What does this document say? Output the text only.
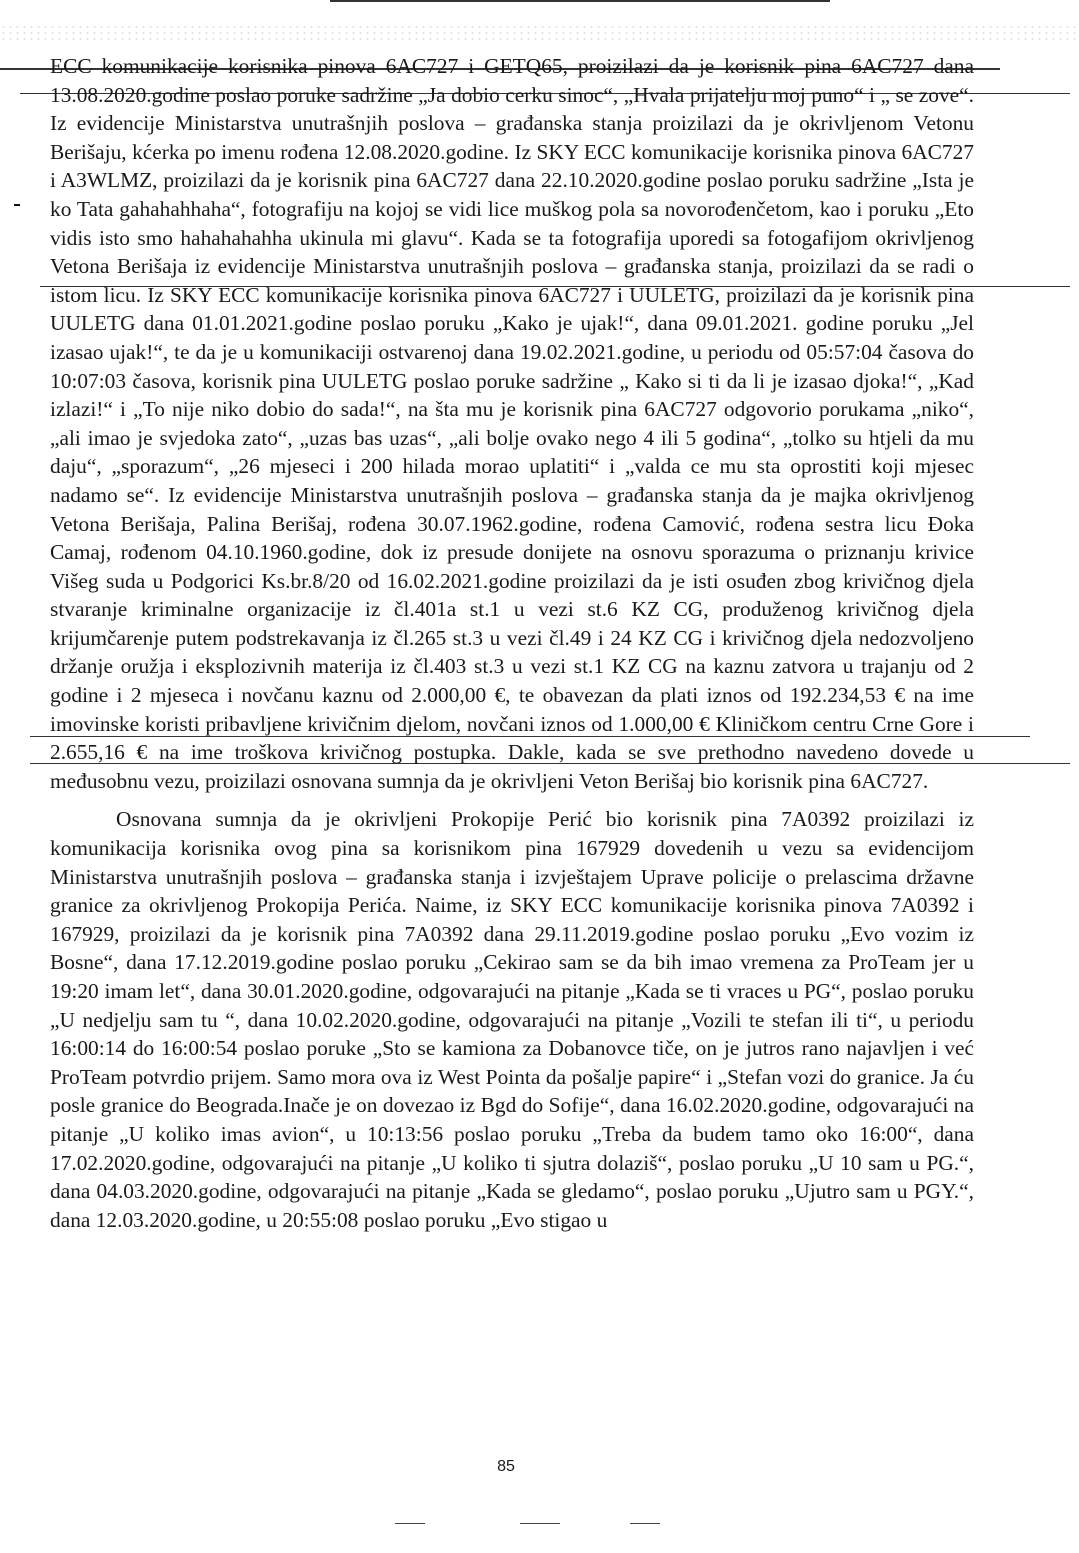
ECC komunikacije korisnika pinova 6AC727 i GETQ65, proizilazi da je korisnik pina 6AC727 dana 13.08.2020.godine poslao poruke sadržine „Ja dobio cerku sinoc“, „Hvala prijatelju moj puno“ i „ se zove“. Iz evidencije Ministarstva unutrašnjih poslova – građanska stanja proizilazi da je okrivljenom Vetonu Berišaju, kćerka po imenu rođena 12.08.2020.godine. Iz SKY ECC komunikacije korisnika pinova 6AC727 i A3WLMZ, proizilazi da je korisnik pina 6AC727 dana 22.10.2020.godine poslao poruku sadržine „Ista je ko Tata gahahahhaha“, fotografiju na kojoj se vidi lice muškog pola sa novorođenčetom, kao i poruku „Eto vidis isto smo hahahahahha ukinula mi glavu“. Kada se ta fotografija uporedi sa fotogafijom okrivljenog Vetona Berišaja iz evidencije Ministarstva unutrašnjih poslova – građanska stanja, proizilazi da se radi o istom licu. Iz SKY ECC komunikacije korisnika pinova 6AC727 i UULETG, proizilazi da je korisnik pina UULETG dana 01.01.2021.godine poslao poruku „Kako je ujak!“, dana 09.01.2021. godine poruku „Jel izasao ujak!“, te da je u komunikaciji ostvarenoj dana 19.02.2021.godine, u periodu od 05:57:04 časova do 10:07:03 časova, korisnik pina UULETG poslao poruke sadržine „ Kako si ti da li je izasao djoka!“, „Kad izlazi!“ i „To nije niko dobio do sada!“, na šta mu je korisnik pina 6AC727 odgovorio porukama „niko“, „ali imao je svjedoka zato“, „uzas bas uzas“, „ali bolje ovako nego 4 ili 5 godina“, „tolko su htjeli da mu daju“, „sporazum“, „26 mjeseci i 200 hilada morao uplatiti“ i „valda ce mu sta oprostiti koji mjesec nadamo se“. Iz evidencije Ministarstva unutrašnjih poslova – građanska stanja da je majka okrivljenog Vetona Berišaja, Palina Berišaj, rođena 30.07.1962.godine, rođena Camović, rođena sestra licu Đoka Camaj, rođenom 04.10.1960.godine, dok iz presude donijete na osnovu sporazuma o priznanju krivice Višeg suda u Podgorici Ks.br.8/20 od 16.02.2021.godine proizilazi da je isti osuđen zbog krivičnog djela stvaranje kriminalne organizacije iz čl.401a st.1 u vezi st.6 KZ CG, produženog krivičnog djela krijumčarenje putem podstrekavanja iz čl.265 st.3 u vezi čl.49 i 24 KZ CG i krivičnog djela nedozvoljeno držanje oružja i eksplozivnih materija iz čl.403 st.3 u vezi st.1 KZ CG na kaznu zatvora u trajanju od 2 godine i 2 mjeseca i novčanu kaznu od 2.000,00 €, te obavezan da plati iznos od 192.234,53 € na ime imovinske koristi pribavljene krivičnim djelom, novčani iznos od 1.000,00 € Kliničkom centru Crne Gore i 2.655,16 € na ime troškova krivičnog postupka. Dakle, kada se sve prethodno navedeno dovede u međusobnu vezu, proizilazi osnovana sumnja da je okrivljeni Veton Berišaj bio korisnik pina 6AC727.

Osnovana sumnja da je okrivljeni Prokopije Perić bio korisnik pina 7A0392 proizilazi iz komunikacija korisnika ovog pina sa korisnikom pina 167929 dovedenih u vezu sa evidencijom Ministarstva unutrašnjih poslova – građanska stanja i izvještajem Uprave policije o prelascima državne granice za okrivljenog Prokopija Perića. Naime, iz SKY ECC komunikacije korisnika pinova 7A0392 i 167929, proizilazi da je korisnik pina 7A0392 dana 29.11.2019.godine poslao poruku „Evo vozim iz Bosne“, dana 17.12.2019.godine poslao poruku „Cekirao sam se da bih imao vremena za ProTeam jer u 19:20 imam let“, dana 30.01.2020.godine, odgovarajući na pitanje „Kada se ti vraces u PG“, poslao poruku „U nedjelju sam tu “, dana 10.02.2020.godine, odgovarajući na pitanje „Vozili te stefan ili ti“, u periodu 16:00:14 do 16:00:54 poslao poruke „Sto se kamiona za Dobanovce tiče, on je jutros rano najavljen i već ProTeam potvrdio prijem. Samo mora ova iz West Pointa da pošalje papire“ i „Stefan vozi do granice. Ja ću posle granice do Beograda.Inače je on dovezao iz Bgd do Sofije“, dana 16.02.2020.godine, odgovarajući na pitanje „U koliko imas avion“, u 10:13:56 poslao poruku „Treba da budem tamo oko 16:00“, dana 17.02.2020.godine, odgovarajući na pitanje „U koliko ti sjutra dolaziš“, poslao poruku „U 10 sam u PG.“, dana 04.03.2020.godine, odgovarajući na pitanje „Kada se gledamo“, poslao poruku „Ujutro sam u PGY.“, dana 12.03.2020.godine, u 20:55:08 poslao poruku „Evo stigao u

85
